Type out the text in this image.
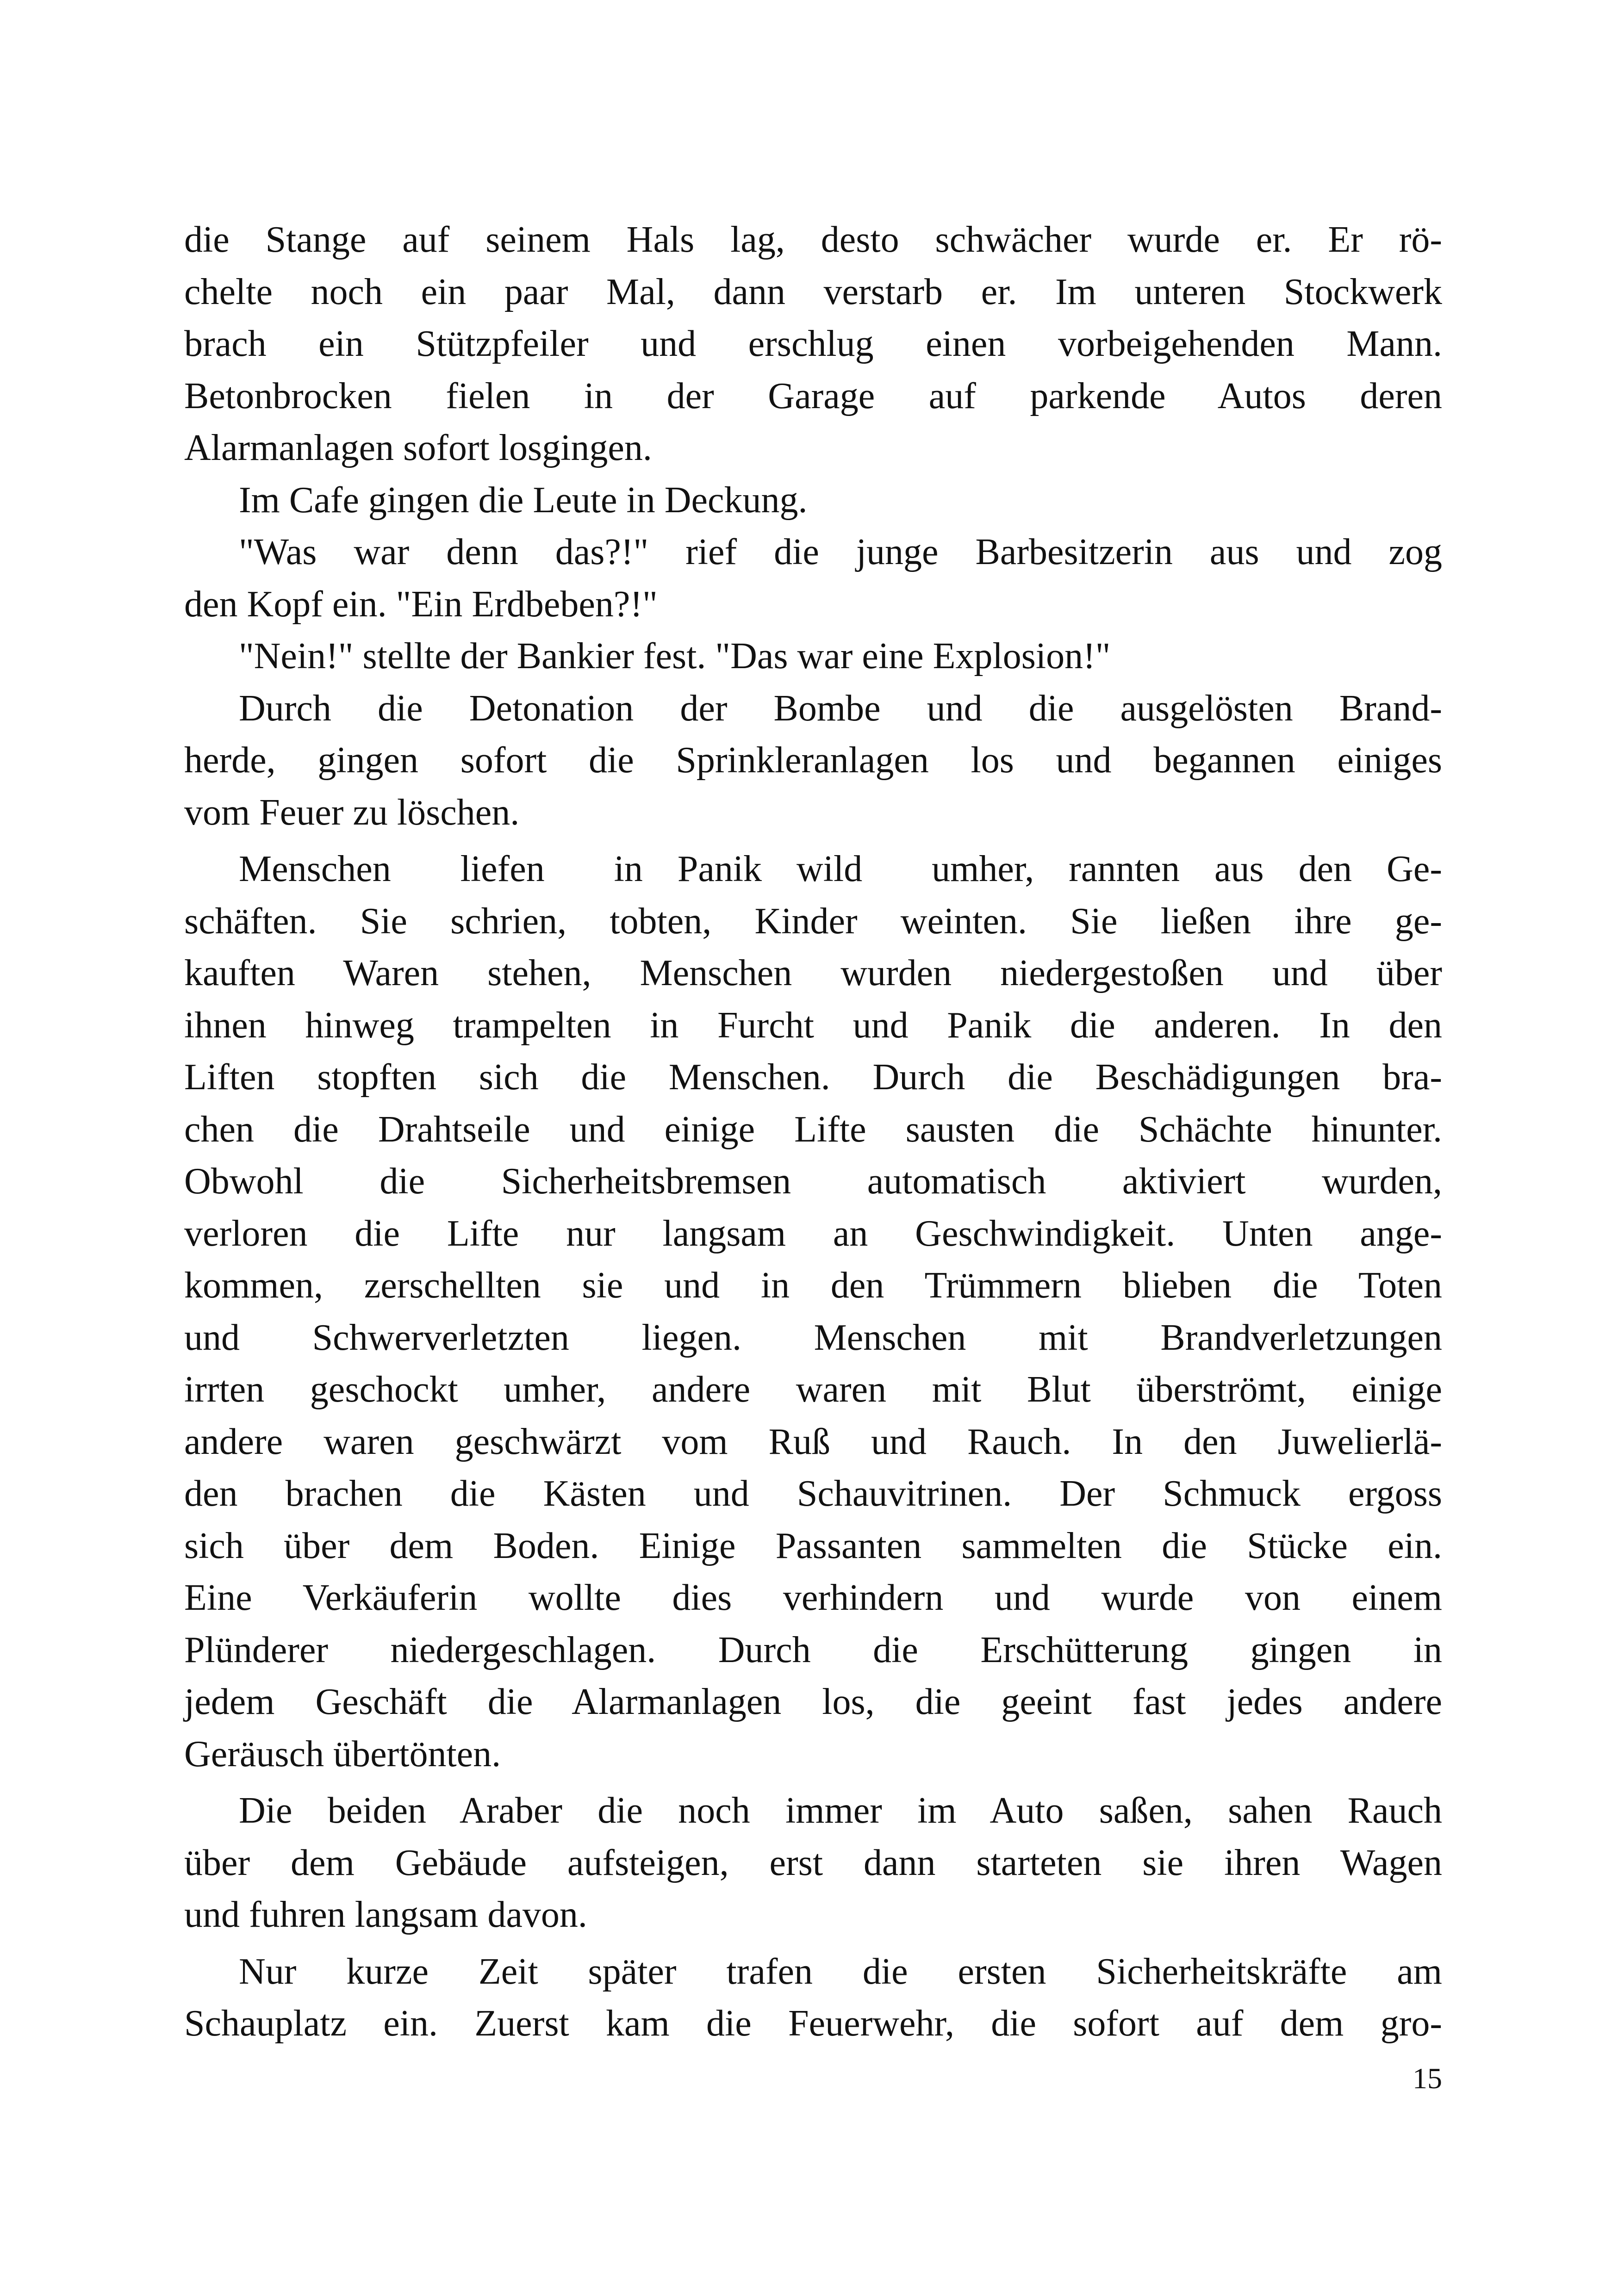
die Stange auf seinem Hals lag, desto schwächer wurde er. Er rö-
chelte noch ein paar Mal, dann verstarb er. Im unteren Stockwerk
brach ein Stützpfeiler und erschlug einen vorbeigehenden Mann.
Betonbrocken fielen in der Garage auf parkende Autos deren
Alarmanlagen sofort losgingen.
Im Cafe gingen die Leute in Deckung.
"Was war denn das?!" rief die junge Barbesitzerin aus und zog
den Kopf ein. "Ein Erdbeben?!"
"Nein!" stellte der Bankier fest. "Das war eine Explosion!"
Durch die Detonation der Bombe und die ausgelösten Brand-
herde, gingen sofort die Sprinkleranlagen los und begannen einiges
vom Feuer zu löschen.
Menschen  liefen  in Panik wild  umher, rannten aus den Ge-
schäften. Sie schrien, tobten, Kinder weinten. Sie ließen ihre ge-
kauften Waren stehen, Menschen wurden niedergestoßen und über
ihnen hinweg trampelten in Furcht und Panik die anderen. In den
Liften stopften sich die Menschen. Durch die Beschädigungen bra-
chen die Drahtseile und einige Lifte sausten die Schächte hinunter.
Obwohl die Sicherheitsbremsen automatisch aktiviert wurden,
verloren die Lifte nur langsam an Geschwindigkeit. Unten ange-
kommen, zerschellten sie und in den Trümmern blieben die Toten
und Schwerverletzten liegen. Menschen mit Brandverletzungen
irrten geschockt umher, andere waren mit Blut überströmt, einige
andere waren geschwärzt vom Ruß und Rauch. In den Juwelierlä-
den brachen die Kästen und Schauvitrinen. Der Schmuck ergoss
sich über dem Boden. Einige Passanten sammelten die Stücke ein.
Eine Verkäuferin wollte dies verhindern und wurde von einem
Plünderer niedergeschlagen. Durch die Erschütterung gingen in
jedem Geschäft die Alarmanlagen los, die geeint fast jedes andere
Geräusch übertönten.
Die beiden Araber die noch immer im Auto saßen, sahen Rauch
über dem Gebäude aufsteigen, erst dann starteten sie ihren Wagen
und fuhren langsam davon.
Nur kurze Zeit später trafen die ersten Sicherheitskräfte am
Schauplatz ein. Zuerst kam die Feuerwehr, die sofort auf dem gro-
15
